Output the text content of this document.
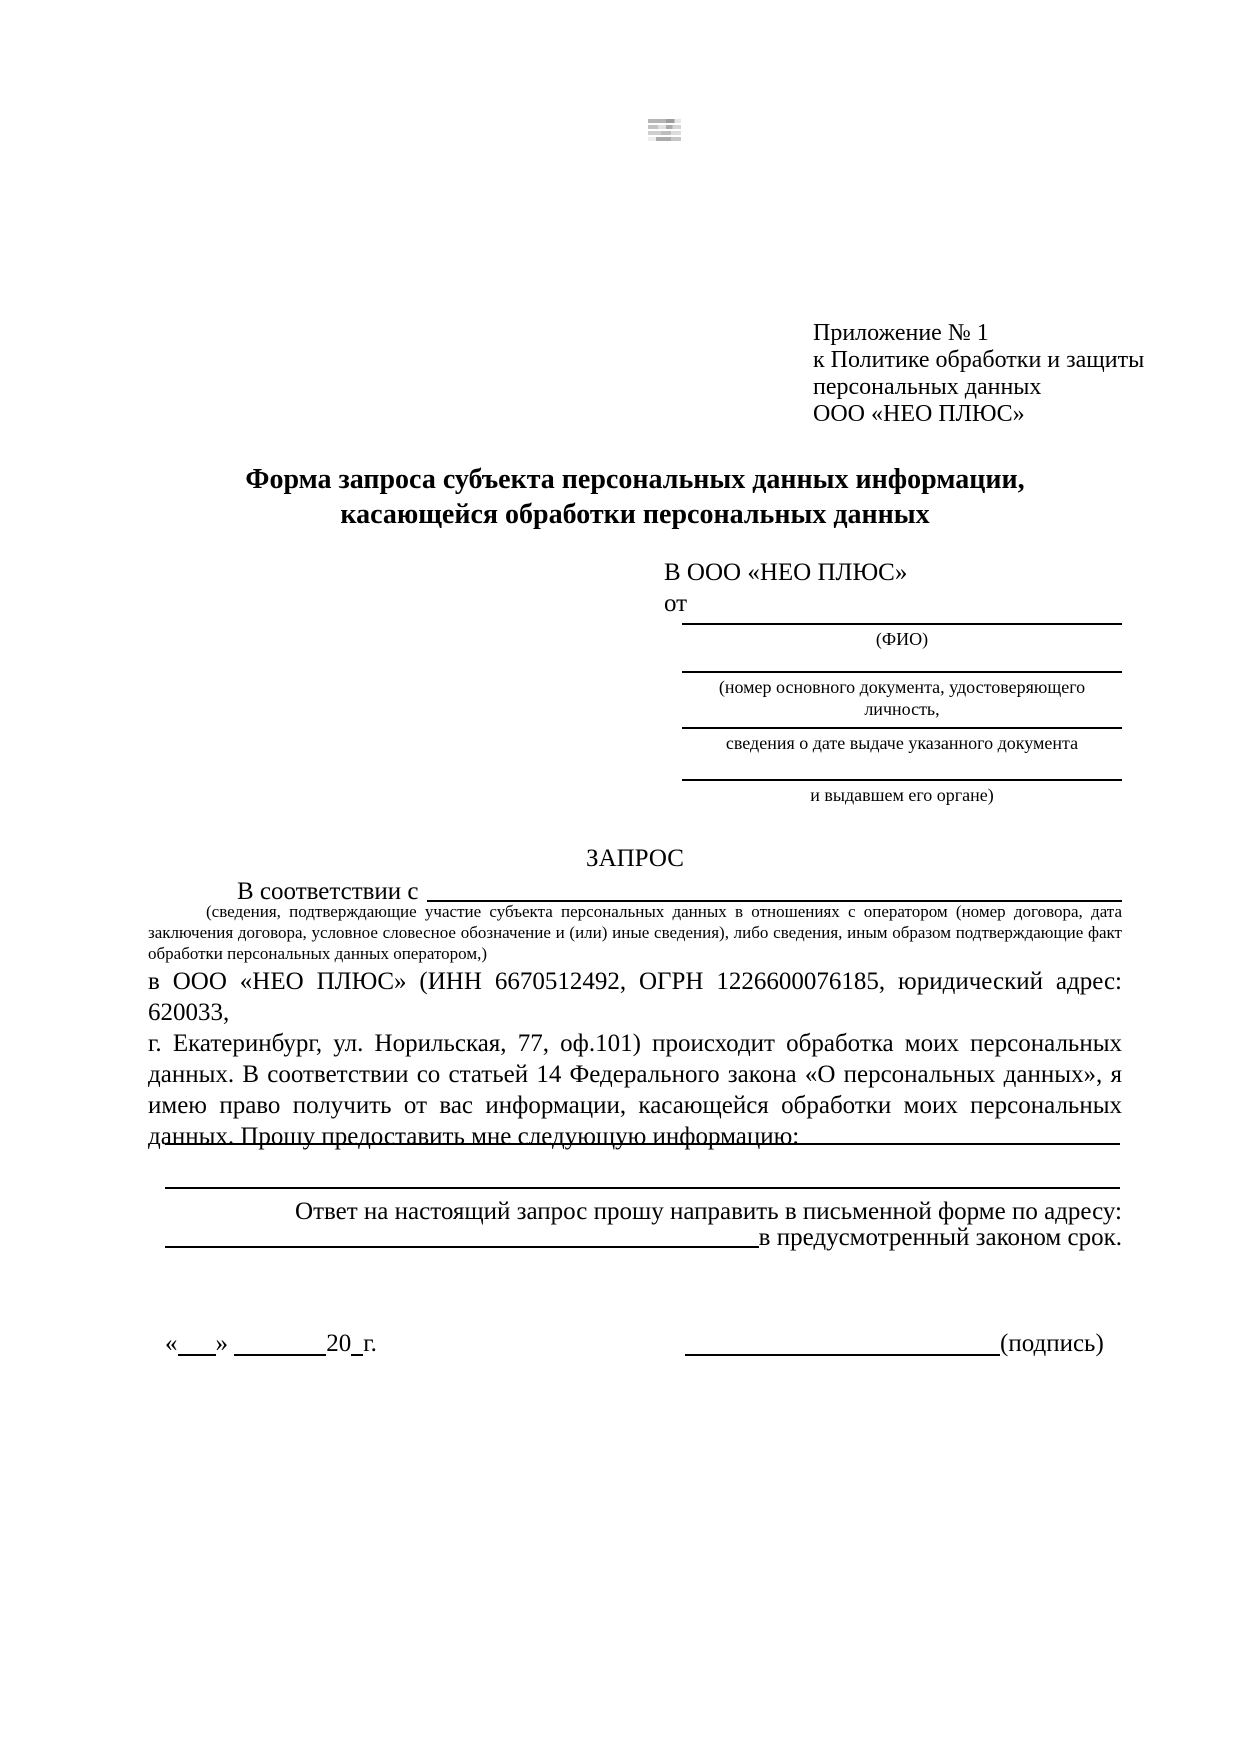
Приложение № 1
к Политике обработки и защиты
персональных данных
ООО «НЕО ПЛЮС»
Форма запроса субъекта персональных данных информации,
касающейся обработки персональных данных
В ООО «НЕО ПЛЮС»
от
(ФИО)
(номер основного документа, удостоверяющего личность,
сведения о дате выдаче указанного документа
и выдавшем его органе)
ЗАПРОС
В соответствии с
(сведения, подтверждающие участие субъекта персональных данных в отношениях с оператором (номер договора, дата
заключения договора, условное словесное обозначение и (или) иные сведения), либо сведения, иным образом подтверждающие факт
обработки персональных данных оператором,)
в ООО «НЕО ПЛЮС» (ИНН 6670512492, ОГРН 1226600076185, юридический адрес: 620033,
г. Екатеринбург, ул. Норильская, 77, оф.101) происходит обработка моих персональных
данных. В соответствии со статьей 14 Федерального закона «О персональных данных», я
имею право получить от вас информации, касающейся обработки моих персональных
данных. Прошу предоставить мне следующую информацию:
Ответ на настоящий запрос прошу направить в письменной форме по адресу:
в предусмотренный законом срок.
« »	20 г.	(подпись)
